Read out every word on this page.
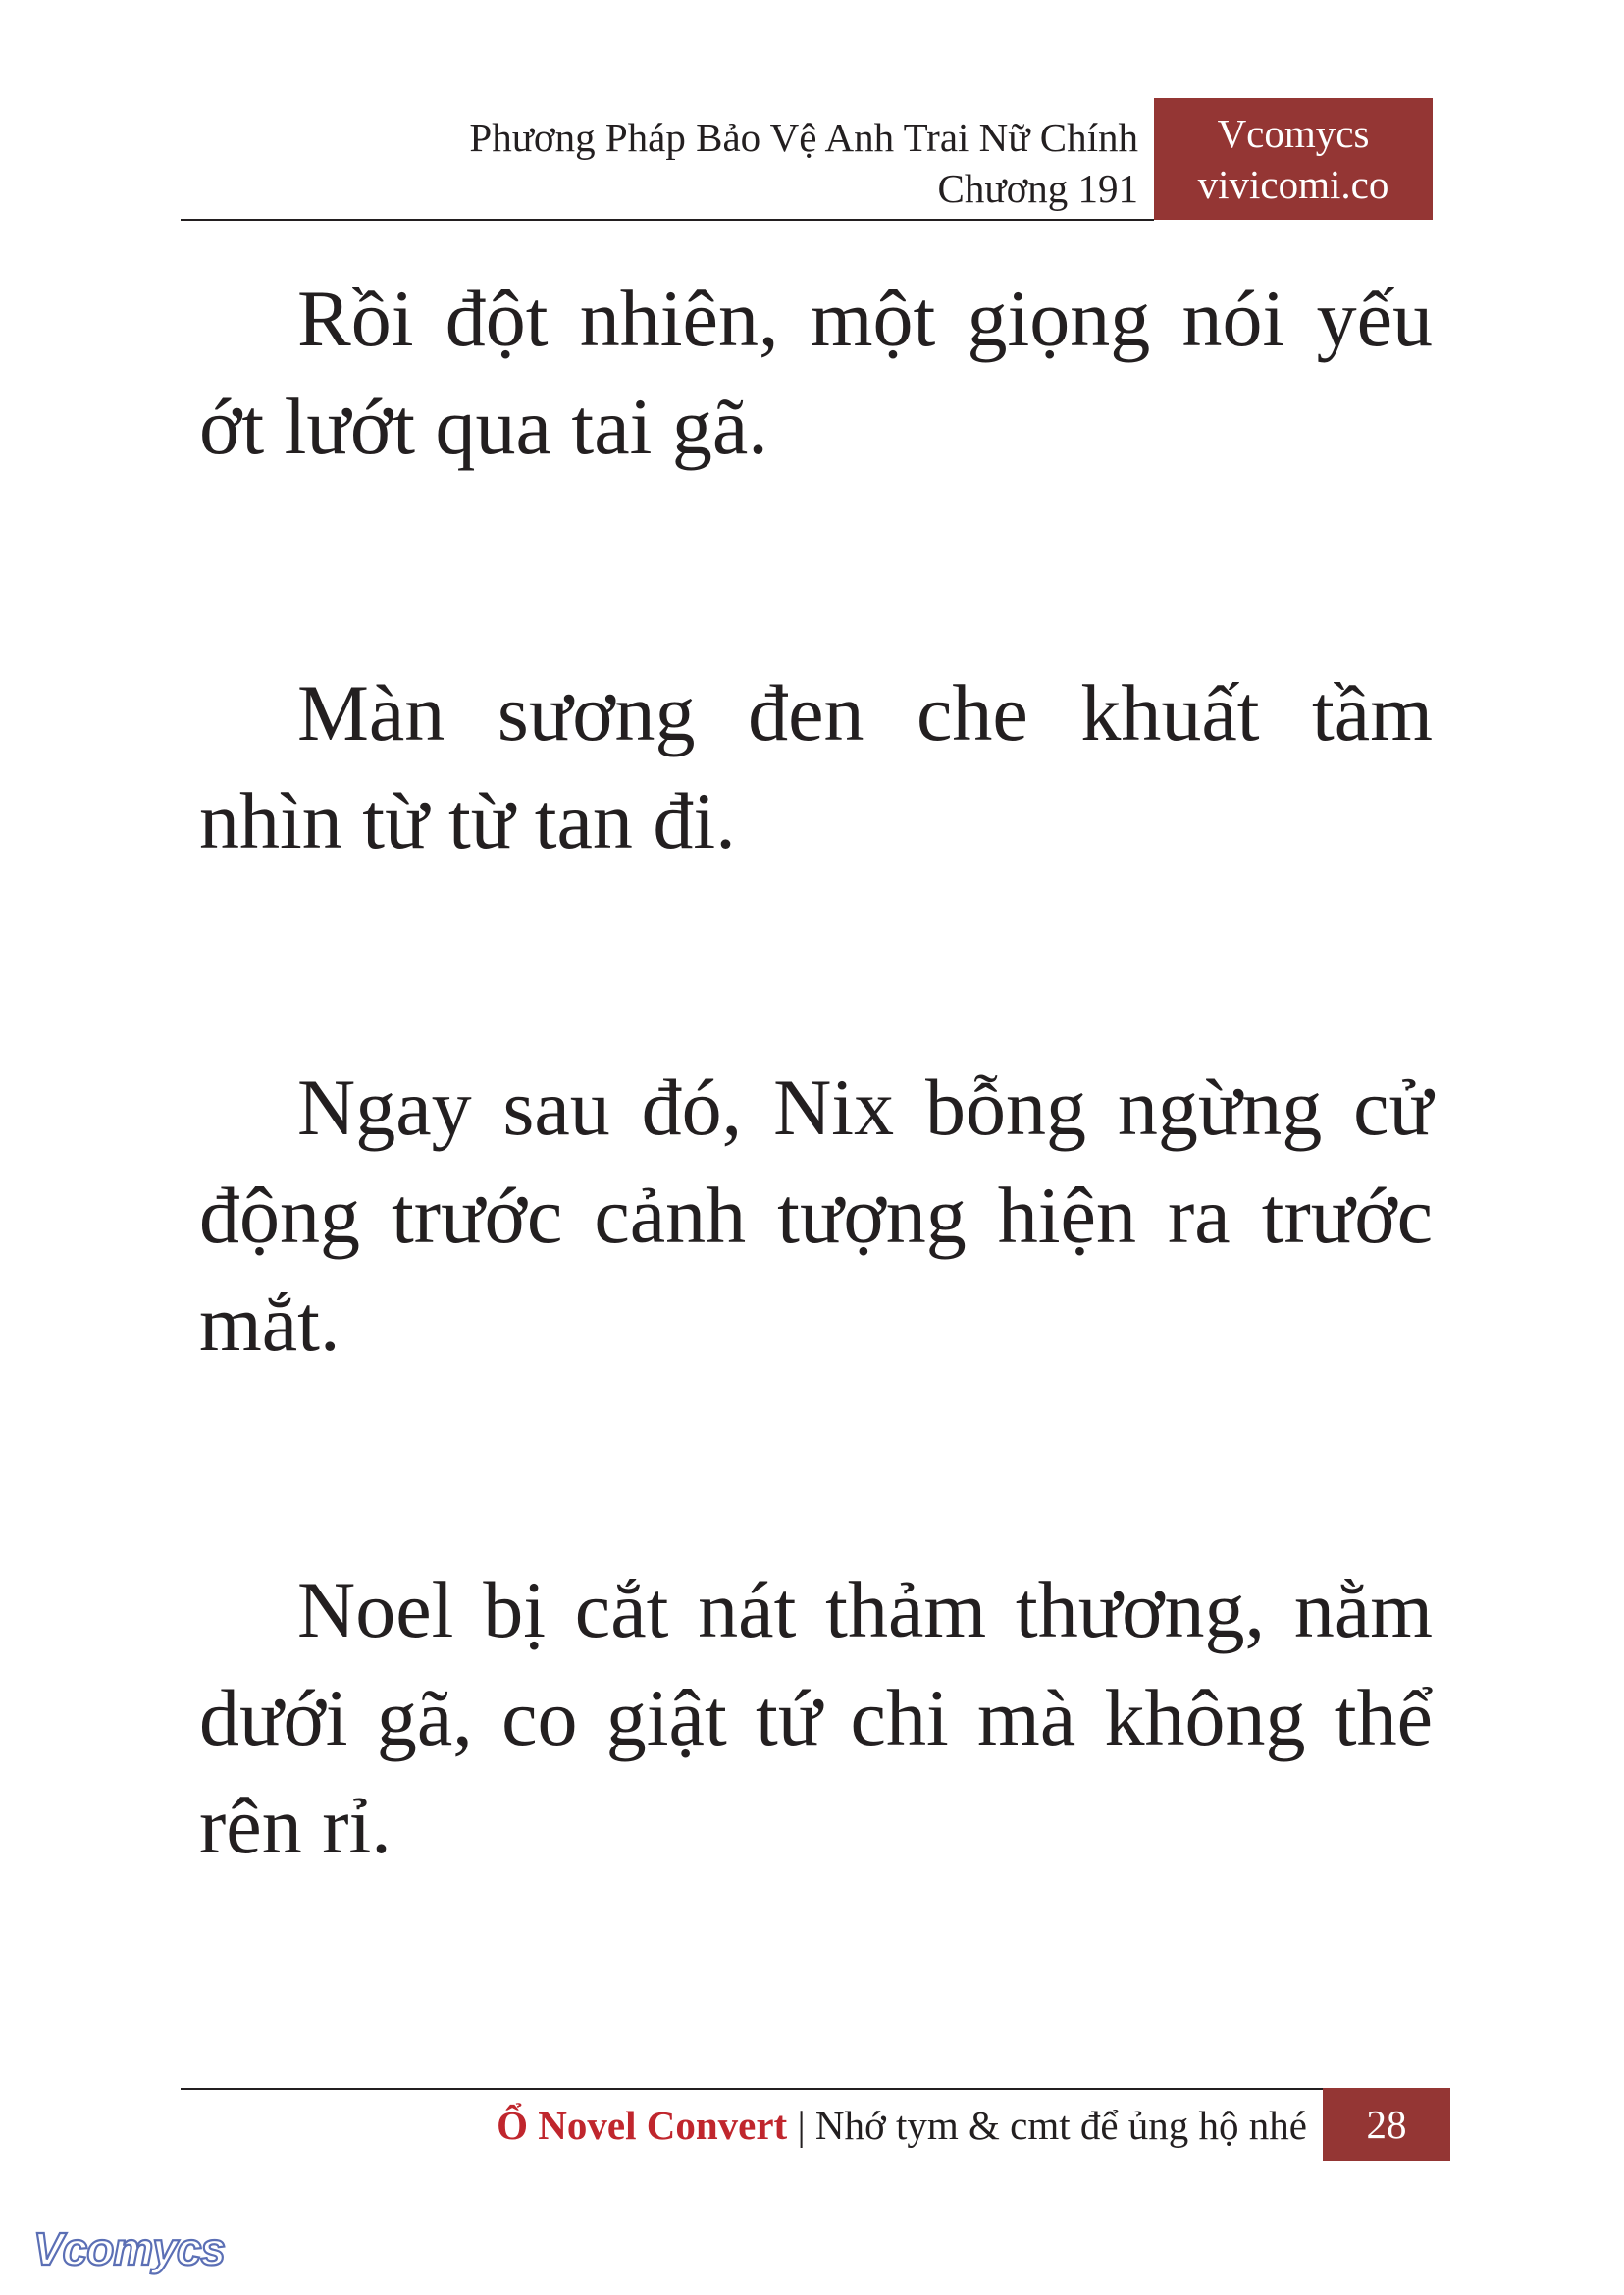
Phương Pháp Bảo Vệ Anh Trai Nữ Chính
Chương 191
Vcomycs
vivicomi.co

Rồi đột nhiên, một giọng nói yếu ớt lướt qua tai gã.

Màn sương đen che khuất tầm nhìn từ từ tan đi.

Ngay sau đó, Nix bỗng ngừng cử động trước cảnh tượng hiện ra trước mắt.

Noel bị cắt nát thảm thương, nằm dưới gã, co giật tứ chi mà không thể rên rỉ.

Ổ Novel Convert | Nhớ tym & cmt để ủng hộ nhé	28
Vcomycs
